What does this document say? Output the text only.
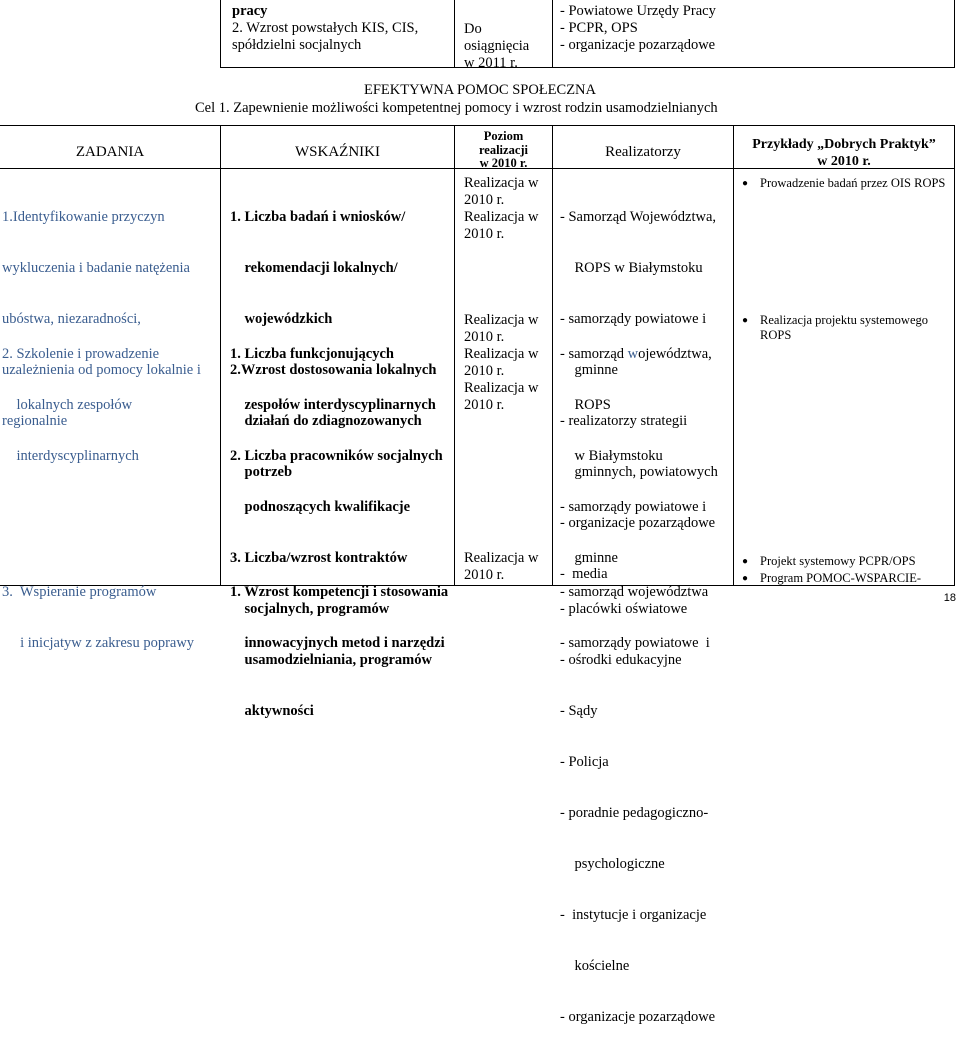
pracy
2. Wzrost powstałych KIS, CIS,
spółdzielni socjalnych
Do
osiągnięcia
w 2011 r.
- Powiatowe Urzędy Pracy
- PCPR, OPS
- organizacje pozarządowe
EFEKTYWNA POMOC SPOŁECZNA
Cel 1. Zapewnienie możliwości kompetentnej pomocy i wzrost rodzin usamodzielnianych
ZADANIA	WSKAŹNIKI
Poziom
realizacji
w 2010 r.
Realizatorzy	Przykłady „Dobrych Praktyk”
w 2010 r.

1.Identyfikowanie przyczyn

wykluczenia i badanie natężenia

ubóstwa, niezaradności,

uzależnienia od pomocy lokalnie i

regionalnie

1. Liczba badań i wniosków/

rekomendacji lokalnych/

wojewódzkich

2.Wzrost dostosowania lokalnych

działań do zdiagnozowanych

potrzeb

Realizacja w
2010 r.
Realizacja w
2010 r.

- Samorząd Województwa,

ROPS w Białymstoku

- samorządy powiatowe i

gminne

- realizatorzy strategii

gminnych, powiatowych

- organizacje pozarządowe

-  media

● Prowadzenie badań przez OIS ROPS

2. Szkolenie i prowadzenie

lokalnych zespołów

interdyscyplinarnych

1. Liczba funkcjonujących

zespołów interdyscyplinarnych

2. Liczba pracowników socjalnych

podnoszących kwalifikacje

3. Liczba/wzrost kontraktów

socjalnych, programów

usamodzielniania, programów

aktywności

Realizacja w
2010 r.
Realizacja w
2010 r.
Realizacja w
2010 r.

- samorząd województwa,

ROPS

w Białymstoku

- samorządy powiatowe i

gminne

- placówki oświatowe

- ośrodki edukacyjne

- Sądy

- Policja

- poradnie pedagogiczno-

psychologiczne

-  instytucje i organizacje

kościelne

- organizacje pozarządowe

● Realizacja projektu systemowego ROPS

3.  Wspieranie programów

i inicjatyw z zakresu poprawy

1. Wzrost kompetencji i stosowania

innowacyjnych metod i narzędzi

Realizacja w
2010 r.

- samorząd województwa

- samorządy powiatowe  i

● Projekt systemowy PCPR/OPS
● Program POMOC-WSPARCIE-
18
